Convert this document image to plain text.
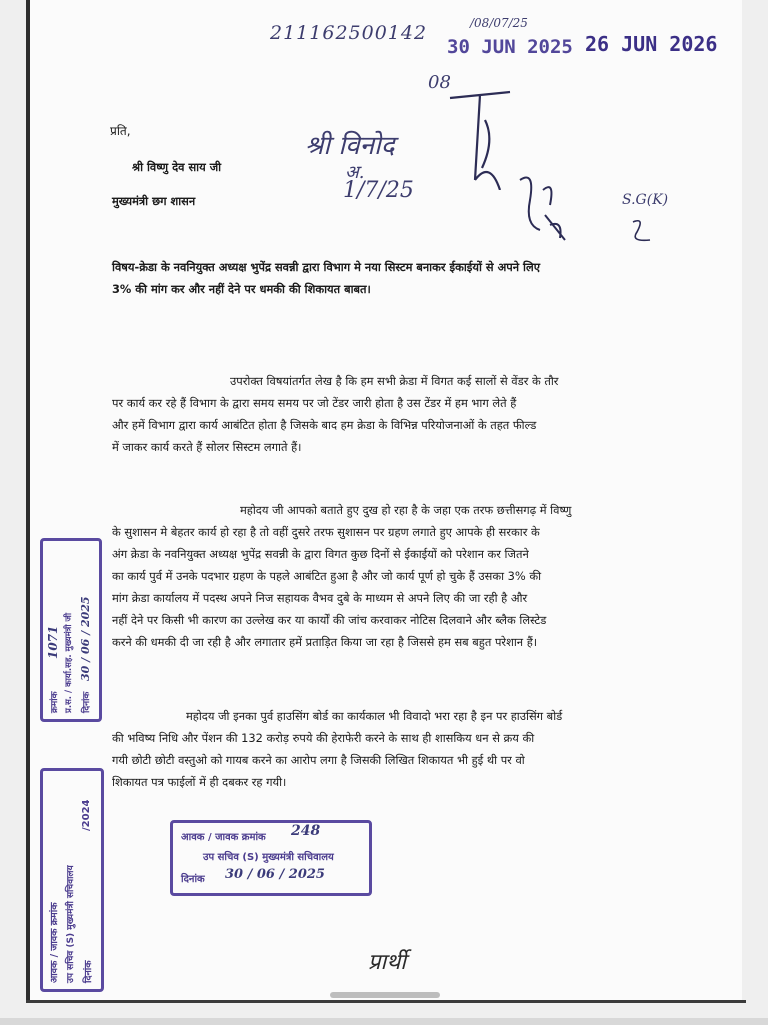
211162500142	/08/07/25
30 JUN 2025 26 JUN 2026
08
श्री विनोद
अ.
1/7/25	S.G(K)
प्रति,
श्री विष्णु देव साय जी
मुख्यमंत्री छग शासन
विषय-क्रेडा के नवनियुक्त अध्यक्ष भुपेंद्र सवन्नी द्वारा विभाग मे नया सिस्टम बनाकर ईकाईयों से अपने लिए
3% की मांग कर और नहीं देने पर धमकी की शिकायत बाबत।
उपरोक्त विषयांतर्गत लेख है कि हम सभी क्रेडा में विगत कई सालों से वेंडर के तौर
पर कार्य कर रहे हैं विभाग के द्वारा समय समय पर जो टेंडर जारी होता है उस टेंडर में हम भाग लेते हैं
और हमें विभाग द्वारा कार्य आबंटित होता है जिसके बाद हम क्रेडा के विभिन्न परियोजनाओं के तहत फील्ड
में जाकर कार्य करते हैं सोलर सिस्टम लगाते हैं।
महोदय जी आपको बताते हुए दुख हो रहा है के जहा एक तरफ छत्तीसगढ़ में विष्णु
के सुशासन मे बेहतर कार्य हो रहा है तो वहीं दुसरे तरफ सुशासन पर ग्रहण लगाते हुए आपके ही सरकार के
अंग क्रेडा के नवनियुक्त अध्यक्ष भुपेंद्र सवन्नी के द्वारा विगत कुछ दिनों से ईकाईयों को परेशान कर जितने
का कार्य पुर्व में उनके पदभार ग्रहण के पहले आबंटित हुआ है और जो कार्य पूर्ण हो चुके हैं उसका 3% की
मांग क्रेडा कार्यालय में पदस्थ अपने निज सहायक वैभव दुबे के माध्यम से अपने लिए की जा रही है और
नहीं देने पर किसी भी कारण का उल्लेख कर या कार्यों की जांच करवाकर नोटिस दिलवाने और ब्लैक लिस्टेड
करने की धमकी दी जा रही है और लगातार हमें प्रताड़ित किया जा रहा है जिससे हम सब बहुत परेशान हैं।
महोदय जी इनका पुर्व हाउसिंग बोर्ड का कार्यकाल भी विवादो भरा रहा है इन पर हाउसिंग बोर्ड
की भविष्य निधि और पेंशन की 132 करोड़ रुपये की हेराफेरी करने के साथ ही शासकिय धन से क्रय की
गयी छोटी छोटी वस्तुओ को गायब करने का आरोप लगा है जिसकी लिखित शिकायत भी हुई थी पर वो
शिकायत पत्र फाईलों में ही दबकर रह गयी।
आवक / जावक क्रमांक 248
उप सचिव (S) मुख्यमंत्री सचिवालय
दिनांक 30 / 06 / 2025
क्रमांक
1071 प्र.स. / कार्या.सह. मुख्यमंत्री जी दिनांक
30 / 06 / 2025
आवक / जावक क्रमांक उप सचिव (S) मुख्यमंत्री सचिवालय दिनांक
/2024
प्रार्थी
